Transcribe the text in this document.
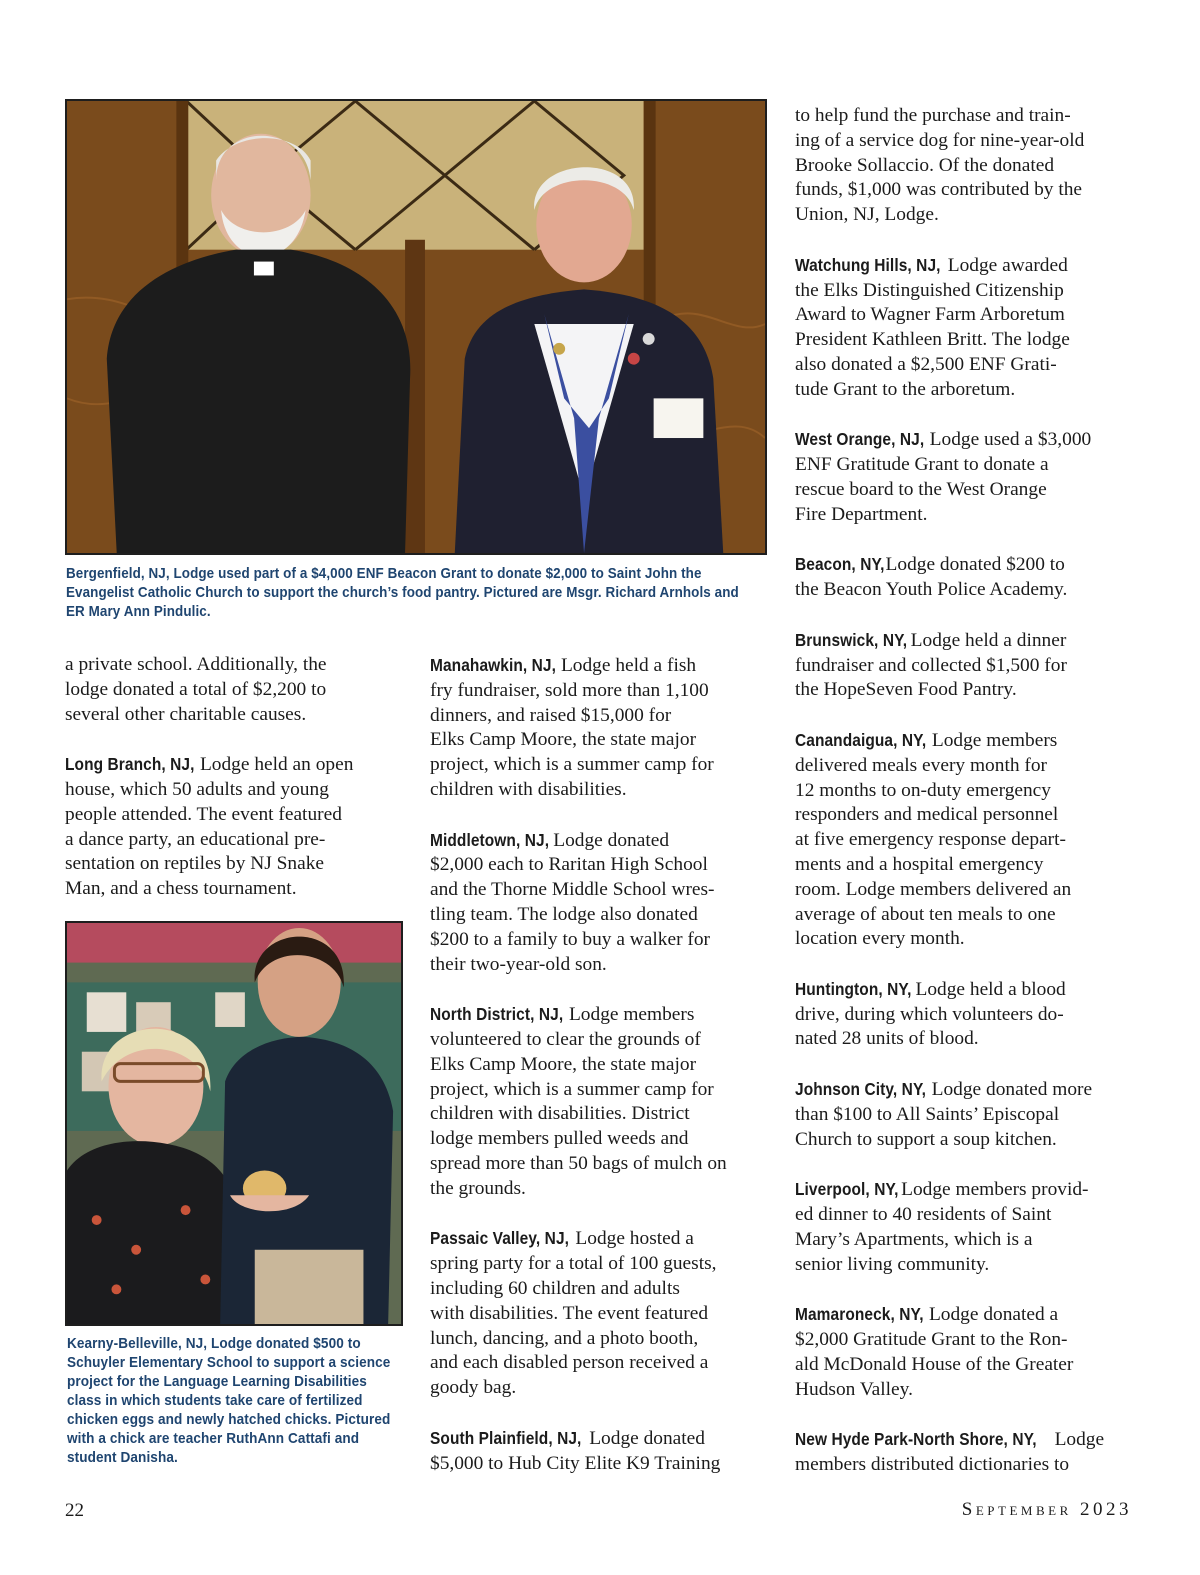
Bergenfield, NJ, Lodge used part of a $4,000 ENF Beacon Grant to donate $2,000 to Saint John the
Evangelist Catholic Church to support the church’s food pantry. Pictured are Msgr. Richard Arnhols and
ER Mary Ann Pindulic.

Kearny-Belleville, NJ, Lodge donated $500 to
Schuyler Elementary School to support a science
project for the Language Learning Disabilities
class in which students take care of fertilized
chicken eggs and newly hatched chicks. Pictured
with a chick are teacher RuthAnn Cattafi and
student Danisha.

a private school. Additionally, the
lodge donated a total of $2,200 to
several other charitable causes.

Long Branch, NJ, Lodge held an open
house, which 50 adults and young
people attended. The event featured
a dance party, an educational pre-
sentation on reptiles by NJ Snake
Man, and a chess tournament.

Manahawkin, NJ, Lodge held a fish
fry fundraiser, sold more than 1,100
dinners, and raised $15,000 for
Elks Camp Moore, the state major
project, which is a summer camp for
children with disabilities.

Middletown, NJ, Lodge donated
$2,000 each to Raritan High School
and the Thorne Middle School wres-
tling team. The lodge also donated
$200 to a family to buy a walker for
their two-year-old son.

North District, NJ, Lodge members
volunteered to clear the grounds of
Elks Camp Moore, the state major
project, which is a summer camp for
children with disabilities. District
lodge members pulled weeds and
spread more than 50 bags of mulch on
the grounds.

Passaic Valley, NJ, Lodge hosted a
spring party for a total of 100 guests,
including 60 children and adults
with disabilities. The event featured
lunch, dancing, and a photo booth,
and each disabled person received a
goody bag.

South Plainfield, NJ, Lodge donated
$5,000 to Hub City Elite K9 Training

to help fund the purchase and train-
ing of a service dog for nine-year-old
Brooke Sollaccio. Of the donated
funds, $1,000 was contributed by the
Union, NJ, Lodge.

Watchung Hills, NJ, Lodge awarded
the Elks Distinguished Citizenship
Award to Wagner Farm Arboretum
President Kathleen Britt. The lodge
also donated a $2,500 ENF Grati-
tude Grant to the arboretum.

West Orange, NJ, Lodge used a $3,000
ENF Gratitude Grant to donate a
rescue board to the West Orange
Fire Department.

Beacon, NY, Lodge donated $200 to
the Beacon Youth Police Academy.

Brunswick, NY, Lodge held a dinner
fundraiser and collected $1,500 for
the HopeSeven Food Pantry.

Canandaigua, NY, Lodge members
delivered meals every month for
12 months to on-duty emergency
responders and medical personnel
at five emergency response depart-
ments and a hospital emergency
room. Lodge members delivered an
average of about ten meals to one
location every month.

Huntington, NY, Lodge held a blood
drive, during which volunteers do-
nated 28 units of blood.

Johnson City, NY, Lodge donated more
than $100 to All Saints’ Episcopal
Church to support a soup kitchen.

Liverpool, NY, Lodge members provid-
ed dinner to 40 residents of Saint
Mary’s Apartments, which is a
senior living community.

Mamaroneck, NY, Lodge donated a
$2,000 Gratitude Grant to the Ron-
ald McDonald House of the Greater
Hudson Valley.

New Hyde Park-North Shore, NY, Lodge
members distributed dictionaries to

22	September 2023
